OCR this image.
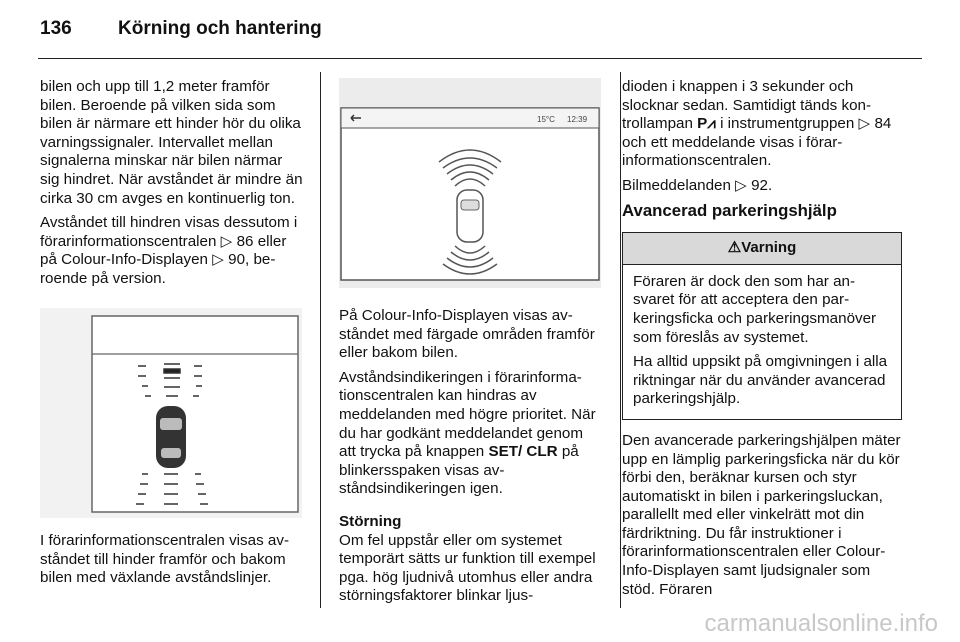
136 Körning och hantering

bilen och upp till 1,2 meter framför bilen. Beroende på vilken sida som bilen är närmare ett hinder hör du olika varningssignaler. Intervallet mellan signalerna minskar när bilen närmar sig hindret. När avståndet är mindre än cirka 30 cm avges en kontinuerlig ton.

Avståndet till hindren visas dessutom i förarinformationscentralen ▷ 86 eller på Colour-Info-Displayen ▷ 90, beroende på version.

I förarinformationscentralen visas avståndet till hinder framför och bakom bilen med växlande avståndslinjer.

15°C 12:39

På Colour-Info-Displayen visas avståndet med färgade områden framför eller bakom bilen.

Avståndsindikeringen i förarinformationscentralen kan hindras av meddelanden med högre prioritet. När du har godkänt meddelandet genom att trycka på knappen SET/ CLR på blinkersspaken visas avståndsindikeringen igen.

Störning

Om fel uppstår eller om systemet temporärt sätts ur funktion till exempel pga. hög ljudnivå utomhus eller andra störningsfaktorer blinkar ljus-

dioden i knappen i 3 sekunder och slocknar sedan. Samtidigt tänds kontrollampan P⩘ i instrumentgruppen ▷ 84 och ett meddelande visas i förarinformationscentralen.

Bilmeddelanden ▷ 92.

Avancerad parkeringshjälp
⚠Varning

Föraren är dock den som har ansvaret för att acceptera den parkeringsficka och parkeringsmanöver som föreslås av systemet.

Ha alltid uppsikt på omgivningen i alla riktningar när du använder avancerad parkeringshjälp.

Den avancerade parkeringshjälpen mäter upp en lämplig parkeringsficka när du kör förbi den, beräknar kursen och styr automatiskt in bilen i parkeringsluckan, parallellt med eller vinkelrätt mot din färdriktning. Du får instruktioner i förarinformationscentralen eller Colour-Info-Displayen samt ljudsignaler som stöd. Föraren

carmanualsonline.info
